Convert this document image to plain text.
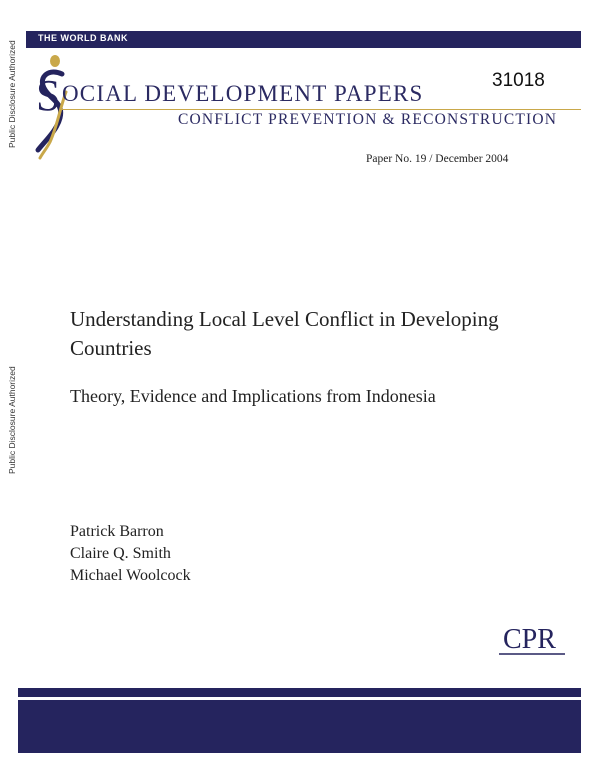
Public Disclosure Authorized
Public Disclosure Authorized
THE WORLD BANK
S OCIAL DEVELOPMENT PAPERS
CONFLICT PREVENTION & RECONSTRUCTION
31018
Paper No. 19 / December 2004
Understanding Local Level Conflict in Developing Countries
Theory, Evidence and Implications from Indonesia
Patrick Barron
Claire Q. Smith
Michael Woolcock
CPR
